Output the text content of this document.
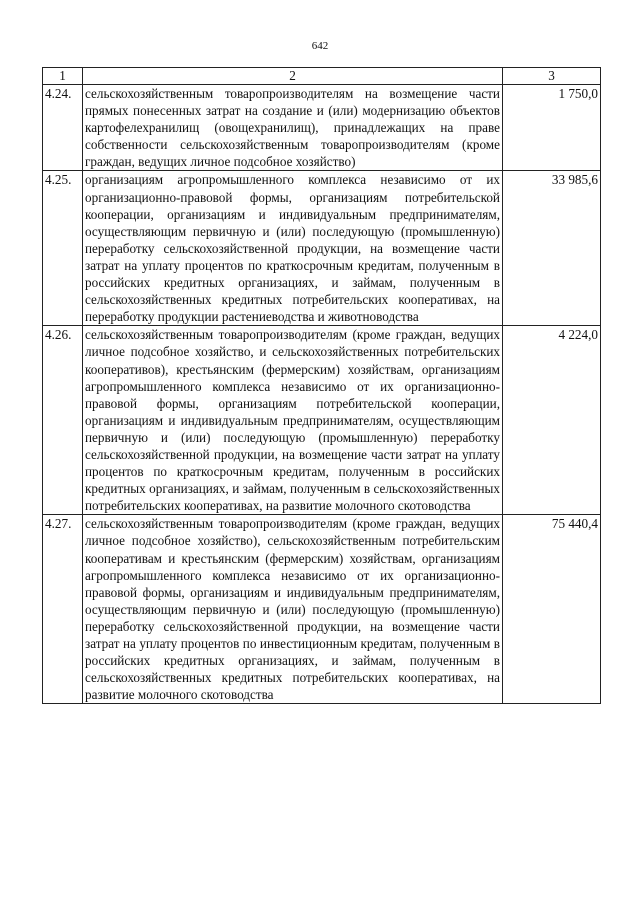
642
1	2	3
4.24.	сельскохозяйственным товаропроизводителям на возмещение части прямых понесенных затрат на создание и (или) модернизацию объектов картофелехранилищ (овощехранилищ), принадлежащих на праве собственности сельскохозяйственным товаропроизводителям (кроме граждан, ведущих личное подсобное хозяйство)	1 750,0
4.25.	организациям агропромышленного комплекса независимо от их организационно-правовой формы, организациям потребительской кооперации, организациям и индивидуальным предпринимателям, осуществляющим первичную и (или) последующую (промышленную) переработку сельскохозяйственной продукции, на возмещение части затрат на уплату процентов по краткосрочным кредитам, полученным в российских кредитных организациях, и займам, полученным в сельскохозяйственных кредитных потребительских кооперативах, на переработку продукции растениеводства и животноводства	33 985,6
4.26.	сельскохозяйственным товаропроизводителям (кроме граждан, ведущих личное подсобное хозяйство, и сельскохозяйственных потребительских кооперативов), крестьянским (фермерским) хозяйствам, организациям агропромышленного комплекса независимо от их организационно-правовой формы, организациям потребительской кооперации, организациям и индивидуальным предпринимателям, осуществляющим первичную и (или) последующую (промышленную) переработку сельскохозяйственной продукции, на возмещение части затрат на уплату процентов по краткосрочным кредитам, полученным в российских кредитных организациях, и займам, полученным в сельскохозяйственных потребительских кооперативах, на развитие молочного скотоводства	4 224,0
4.27.	сельскохозяйственным товаропроизводителям (кроме граждан, ведущих личное подсобное хозяйство), сельскохозяйственным потребительским кооперативам и крестьянским (фермерским) хозяйствам, организациям агропромышленного комплекса независимо от их организационно-правовой формы, организациям и индивидуальным предпринимателям, осуществляющим первичную и (или) последующую (промышленную) переработку сельскохозяйственной продукции, на возмещение части затрат на уплату процентов по инвестиционным кредитам, полученным в российских кредитных организациях, и займам, полученным в сельскохозяйственных кредитных потребительских кооперативах, на развитие молочного скотоводства	75 440,4
